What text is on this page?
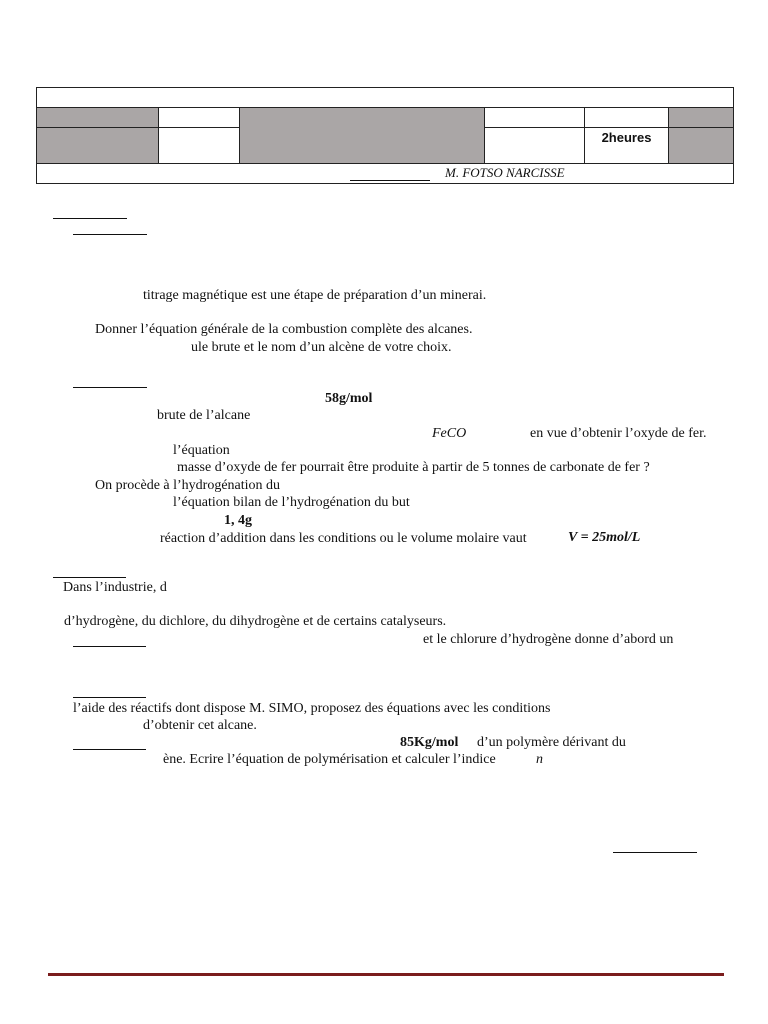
				2heures	

M. FOTSO NARCISSE					
titrage magnétique est une étape de préparation d’un minerai.
Donner l’équation générale de la combustion complète des alcanes.
ule brute et le nom d’un alcène de votre choix.
58g/mol
brute de l’alcane
FeCO	en vue d’obtenir l’oxyde de fer.
l’équation
masse d’oxyde de fer pourrait être produite à partir de 5 tonnes de carbonate de fer ?
On procède à l’hydrogénation du
l’équation bilan de l’hydrogénation du but
1, 4g
réaction d’addition dans les conditions ou le volume molaire vaut	V = 25mol/L
Dans l’industrie, d
d’hydrogène, du dichlore, du dihydrogène et de certains catalyseurs.
et le chlorure d’hydrogène donne d’abord un
l’aide des réactifs dont dispose M. SIMO, proposez des équations avec les conditions
d’obtenir cet alcane.
85Kg/mol d’un polymère dérivant du
ène. Ecrire l’équation de polymérisation et calculer l’indice	n
